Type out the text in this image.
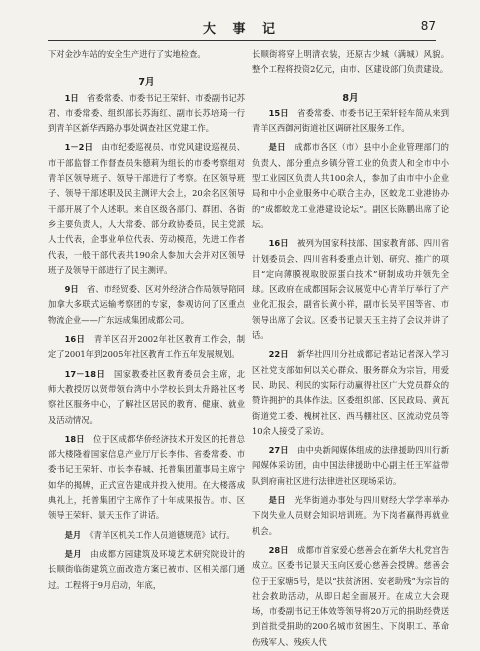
大 事 记	87

下对金沙车站的安全生产进行了实地检查。

7月

1日　省委常委、市委书记王荣轩、市委副书记苏君、市委常委、组织部长苏海红、副市长苏培琦一行到青羊区新华西路办事处调查社区党建工作。

1－2日　由市纪委巡视员、市党风建设巡视员、市干部监督工作督查员朱德莉为组长的市委考察组对青羊区领导班子、领导干部进行了考察。在区领导班子、领导干部述职及民主测评大会上，20余名区领导干部开展了个人述职。来自区级各部门、群团、各街乡主要负责人，人大常委、部分政协委员，民主党派人士代表，企事业单位代表、劳动模范，先进工作者代表，一般干部代表共190余人参加大会并对区领导班子及领导干部进行了民主测评。

9日　省、市经贸委、区对外经济合作局领导陪同加拿大多联式运输考察团的专家，参观访问了区重点物流企业——广东远成集团成都公司。

16日　青羊区召开2002年社区教育工作会，制定了2001年到2005年社区教育工作五年发展规划。

17－18日　国家教委社区教育委员会主席，北师大教授厉以贤带领台湾中小学校长到太升路社区考察社区服务中心，了解社区居民的教育、健康、就业及活动情况。

18日　位于区成都华侨经济技术开发区的托普总部大楼隆着国家信息产业厅厅长李伟、省委常委、市委书记王荣轩、市长李春城、托普集团董事局主席宁如华的揭牌，正式宣告建成并投入使用。在大楼落成典礼上，托普集团宁主席作了十年成果报告。市、区领导王荣轩、景天玉作了讲话。

是月　《青羊区机关工作人员道德规范》试行。

是月　由成都方园建筑及环境艺术研究院设计的长顺街临街建筑立面改造方案已被市、区相关部门通过。工程将于9月启动，年底，

长顺街将穿上明清衣装，还原古少城（满城）风貌。整个工程将投资2亿元，由市、区建设部门负责建设。

8月

15日　省委常委、市委书记王荣轩轻车简从来到青羊区西御河街道社区调研社区服务工作。

是日　成都市各区（市）县中小企业管理部门的负责人、部分重点乡镇分管工业的负责人和全市中小型工业园区负责人共100余人，参加了由市中小企业局和中小企业服务中心联合主办，区蛟龙工业港协办的“成都蛟龙工业港建设论坛”。副区长陈鹏出席了论坛。

16日　被列为国家科技部、国家教育部、四川省计划委员会、四川省科委重点计划、研究、推广的项目“定向薄膜视取胶原蛋白技术”研制成功并领先全球。区政府在成都国际会议展览中心青羊厅举行了产业化汇报会，副省长黄小祥，副市长吴平国等省、市领导出席了会议。区委书记景天玉主持了会议并讲了话。

22日　新华社四川分社成都记者站记者深入学习区社党支部如何以关心群众、服务群众为宗旨，用爱民、助民、利民的实际行动赢得社区广大党员群众的赞许拥护的具体作法。区委组织部、区民政局、黄瓦街道党工委、槐树社区、西马棚社区、区流动党员等10余人接受了采访。

27日　由中央新闻媒体组成的法律援助四川行新闻媒体采访团，由中国法律援助中心副主任王军益带队到府南社区进行法律进社区现场采访。

是日　光华街道办事处与四川财经大学学率举办下岗失业人员财会知识培训班。为下岗者赢得再就业机会。

28日　成都市首家爱心慈善会在新华大札党宫告成立。区委书记景天玉向区爱心慈善会授牌。慈善会位于王家塘5号，是以“扶贫济困、安老助残”为宗旨的社会救助活动，从即日起全面展开。在成立大会现场，市委副书记王体效等领导将20万元的捐助经费送到首批受捐助的200名城市贫困生、下岗职工、革命伤残军人、残疾人代
